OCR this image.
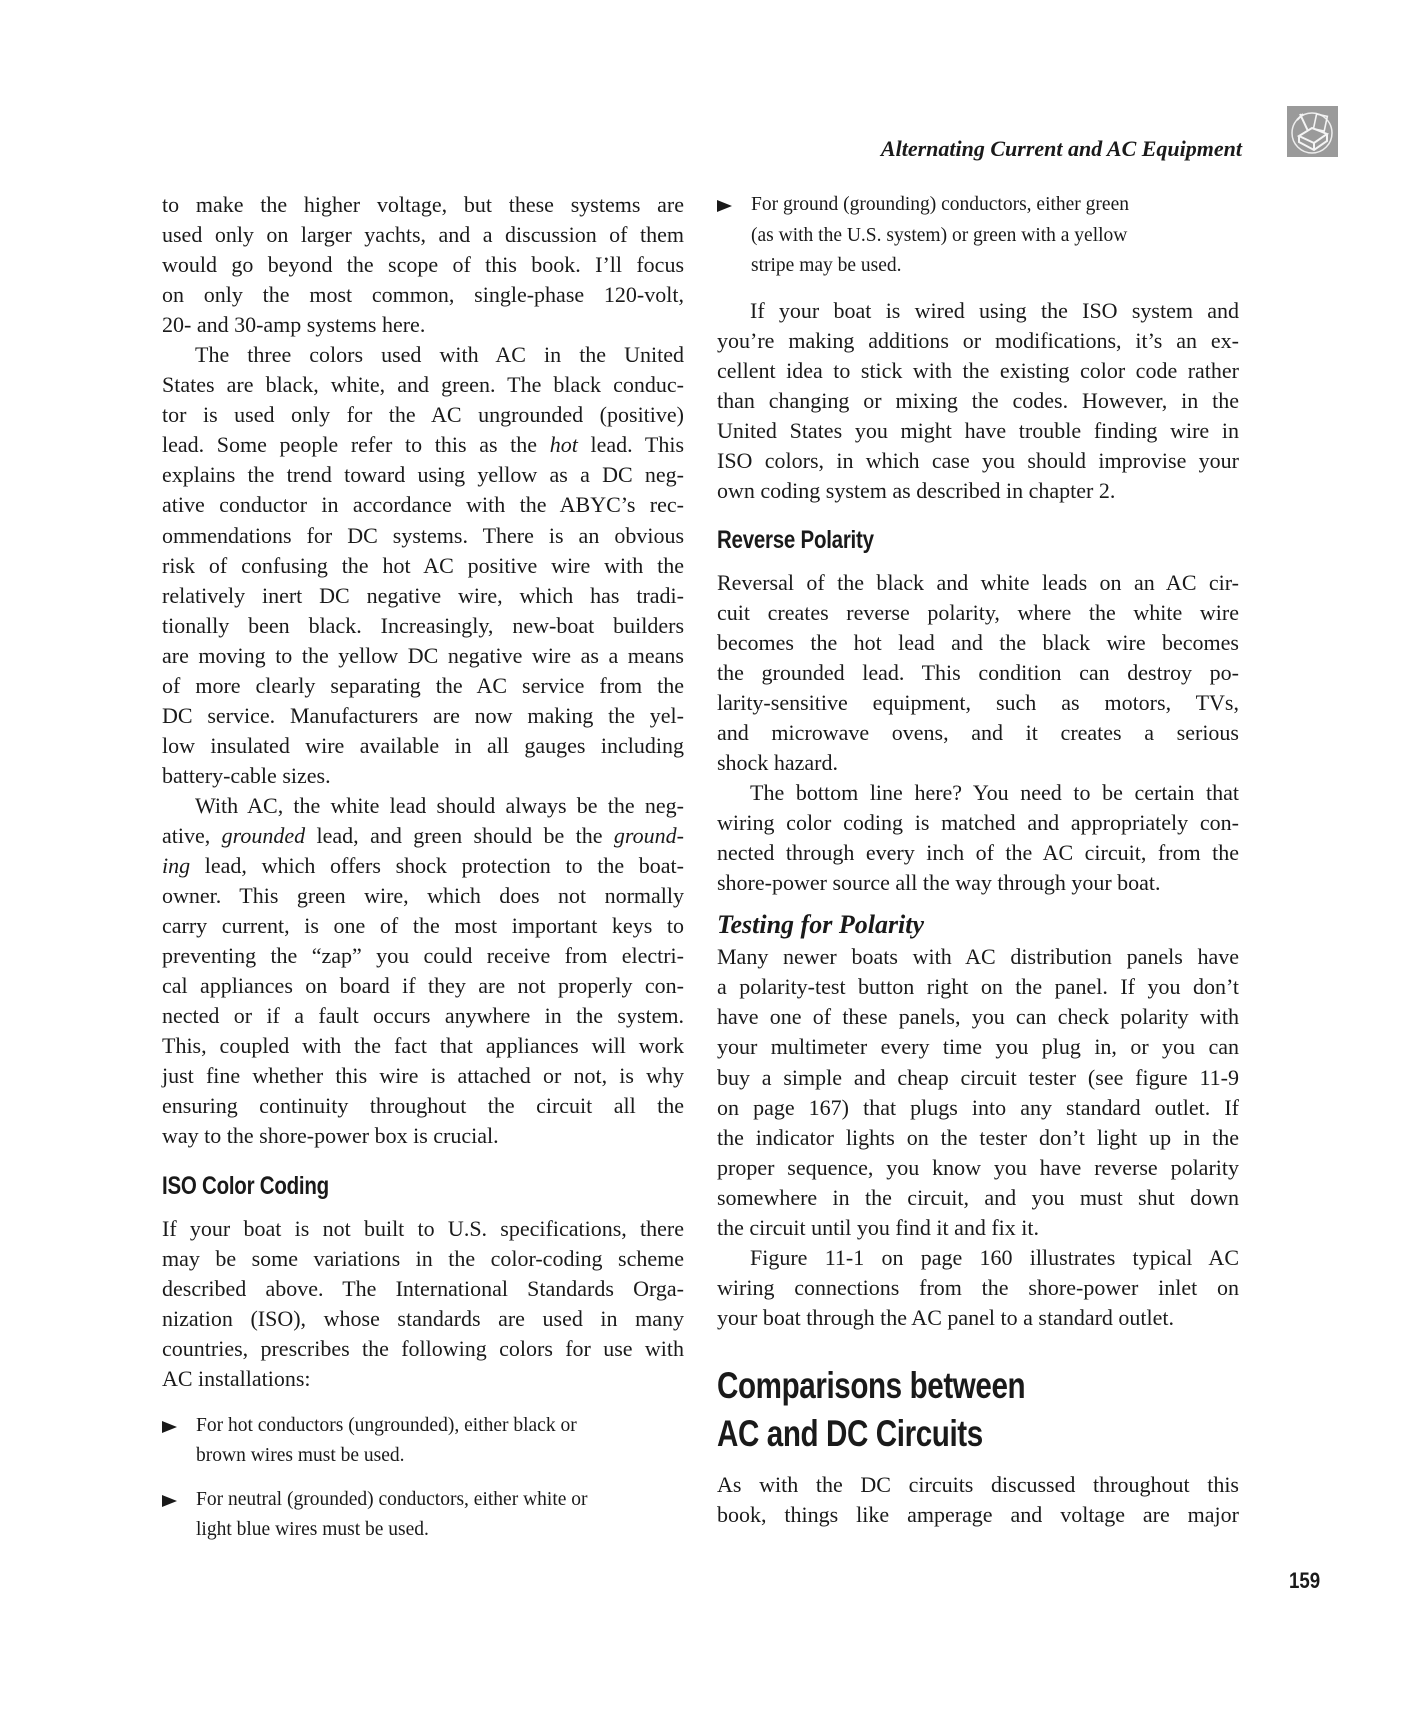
Alternating Current and AC Equipment
to make the higher voltage, but these systems are
used only on larger yachts, and a discussion of them
would go beyond the scope of this book. I’ll focus
on only the most common, single-phase 120-volt,
20- and 30-amp systems here.
The three colors used with AC in the United
States are black, white, and green. The black conduc-
tor is used only for the AC ungrounded (positive)
lead. Some people refer to this as the hot lead. This
explains the trend toward using yellow as a DC neg-
ative conductor in accordance with the ABYC’s rec-
ommendations for DC systems. There is an obvious
risk of confusing the hot AC positive wire with the
relatively inert DC negative wire, which has tradi-
tionally been black. Increasingly, new-boat builders
are moving to the yellow DC negative wire as a means
of more clearly separating the AC service from the
DC service. Manufacturers are now making the yel-
low insulated wire available in all gauges including
battery-cable sizes.
With AC, the white lead should always be the neg-
ative, grounded lead, and green should be the ground-
ing lead, which offers shock protection to the boat-
owner. This green wire, which does not normally
carry current, is one of the most important keys to
preventing the “zap” you could receive from electri-
cal appliances on board if they are not properly con-
nected or if a fault occurs anywhere in the system.
This, coupled with the fact that appliances will work
just fine whether this wire is attached or not, is why
ensuring continuity throughout the circuit all the
way to the shore-power box is crucial.
ISO Color Coding
If your boat is not built to U.S. specifications, there
may be some variations in the color-coding scheme
described above. The International Standards Orga-
nization (ISO), whose standards are used in many
countries, prescribes the following colors for use with
AC installations:
For hot conductors (ungrounded), either black or
brown wires must be used.
For neutral (grounded) conductors, either white or
light blue wires must be used.
For ground (grounding) conductors, either green
(as with the U.S. system) or green with a yellow
stripe may be used.
If your boat is wired using the ISO system and
you’re making additions or modifications, it’s an ex-
cellent idea to stick with the existing color code rather
than changing or mixing the codes. However, in the
United States you might have trouble finding wire in
ISO colors, in which case you should improvise your
own coding system as described in chapter 2.
Reverse Polarity
Reversal of the black and white leads on an AC cir-
cuit creates reverse polarity, where the white wire
becomes the hot lead and the black wire becomes
the grounded lead. This condition can destroy po-
larity-sensitive equipment, such as motors, TVs,
and microwave ovens, and it creates a serious
shock hazard.
The bottom line here? You need to be certain that
wiring color coding is matched and appropriately con-
nected through every inch of the AC circuit, from the
shore-power source all the way through your boat.
Testing for Polarity
Many newer boats with AC distribution panels have
a polarity-test button right on the panel. If you don’t
have one of these panels, you can check polarity with
your multimeter every time you plug in, or you can
buy a simple and cheap circuit tester (see figure 11-9
on page 167) that plugs into any standard outlet. If
the indicator lights on the tester don’t light up in the
proper sequence, you know you have reverse polarity
somewhere in the circuit, and you must shut down
the circuit until you find it and fix it.
Figure 11-1 on page 160 illustrates typical AC
wiring connections from the shore-power inlet on
your boat through the AC panel to a standard outlet.
Comparisons between
AC and DC Circuits
As with the DC circuits discussed throughout this
book, things like amperage and voltage are major
159
